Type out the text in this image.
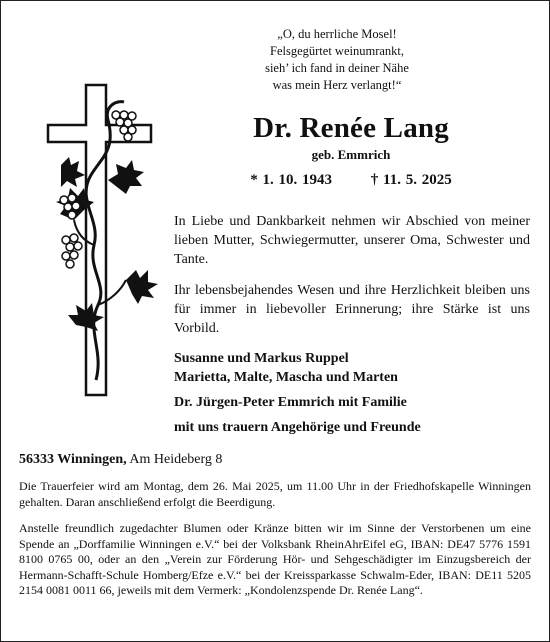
„O, du herrliche Mosel!
Felsgegürtet weinumrankt,
sieh’ ich fand in deiner Nähe
was mein Herz verlangt!“
Dr. Renée Lang
geb. Emmrich
* 1. 10. 1943	† 11. 5. 2025
In Liebe und Dankbarkeit nehmen wir Abschied von meiner lieben Mutter, Schwiegermutter, unserer Oma, Schwester und Tante.
Ihr lebensbejahendes Wesen und ihre Herzlichkeit bleiben uns für immer in liebevoller Erinnerung; ihre Stärke ist uns Vorbild.
Susanne und Markus Ruppel
Marietta, Malte, Mascha und Marten
Dr. Jürgen-Peter Emmrich mit Familie
mit uns trauern Angehörige und Freunde
56333 Winningen, Am Heideberg 8
Die Trauerfeier wird am Montag, dem 26. Mai 2025, um 11.00 Uhr in der Friedhofskapelle Winningen gehalten. Daran anschließend erfolgt die Beerdigung.
Anstelle freundlich zugedachter Blumen oder Kränze bitten wir im Sinne der Verstorbenen um eine Spende an „Dorffamilie Winningen e.V.“ bei der Volksbank RheinAhrEifel eG, IBAN: DE47 5776 1591 8100 0765 00, oder an den „Verein zur Förderung Hör- und Sehgeschädigter im Einzugsbereich der Hermann-Schafft-Schule Homberg/Efze e.V.“ bei der Kreissparkasse Schwalm-Eder, IBAN: DE11 5205 2154 0081 0011 66, jeweils mit dem Vermerk: „Kondolenzspende Dr. Renée Lang“.
